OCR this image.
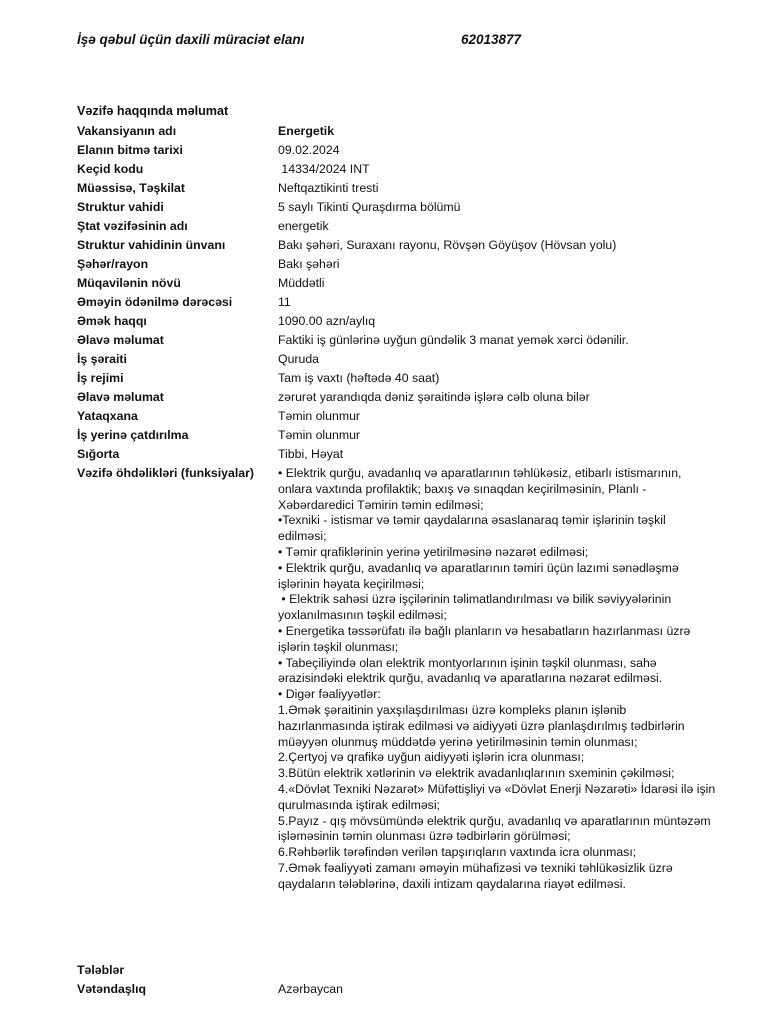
İşə qəbul üçün daxili müraciət elanı	62013877
Vəzifə haqqında məlumat
Vakansiyanın adı	Energetik
Elanın bitmə tarixi	09.02.2024
Keçid kodu	14334/2024 INT
Müəssisə, Təşkilat	Neftqaztikinti tresti
Struktur vahidi	5 saylı Tikinti Quraşdırma bölümü
Ştat vəzifəsinin adı	energetik
Struktur vahidinin ünvanı	Bakı şəhəri, Suraxanı rayonu, Rövşən Göyüşov (Hövsan yolu)
Şəhər/rayon	Bakı şəhəri
Müqavilənin növü	Müddətli
Əməyin ödənilmə dərəcəsi	11
Əmək haqqı	1090.00 azn/aylıq
Əlavə məlumat	Faktiki iş günlərinə uyğun gündəlik 3 manat yemək xərci ödənilir.
İş şəraiti	Quruda
İş rejimi	Tam iş vaxtı (həftədə 40 saat)
Əlavə məlumat	zərurət yarandıqda dəniz şəraitində işlərə cəlb oluna bilər
Yataqxana	Təmin olunmur
İş yerinə çatdırılma	Təmin olunmur
Sığorta	Tibbi, Həyat
Vəzifə öhdəlikləri (funksiyalar)	• Elektrik qurğu, avadanlıq və aparatlarının təhlükəsiz, etibarlı istismarının, onlara vaxtında profilaktik; baxış və sınaqdan keçirilməsinin, Planlı - Xəbərdaredici Təmirin təmin edilməsi;
•Texniki - istismar və təmir qaydalarına əsaslanaraq təmir işlərinin təşkil edilməsi;
• Təmir qrafiklərinin yerinə yetirilməsinə nəzarət edilməsi;
• Elektrik qurğu, avadanlıq və aparatlarının təmiri üçün lazımi sənədləşmə işlərinin həyata keçirilməsi;
• Elektrik sahəsi üzrə işçilərinin təlimatlandırılması və bilik səviyyələrinin yoxlanılmasının təşkil edilməsi;
• Energetika təssərüfatı ilə bağlı planların və hesabatların hazırlanması üzrə işlərin təşkil olunması;
• Tabeçiliyində olan elektrik montyorlarının işinin təşkil olunması, sahə ərazisindəki elektrik qurğu, avadanlıq və aparatlarına nəzarət edilməsi.
• Digər fəaliyyətlər:
1.Əmək şəraitinin yaxşılaşdırılması üzrə kompleks planın işlənib hazırlanmasında iştirak edilməsi və aidiyyəti üzrə planlaşdırılmış tədbirlərin müəyyən olunmuş müddətdə yerinə yetirilməsinin təmin olunması;
2.Çertyoj və qrafikə uyğun aidiyyəti işlərin icra olunması;
3.Bütün elektrik xətlərinin və elektrik avadanlıqlarının sxeminin çəkilməsi;
4.«Dövlət Texniki Nəzarət» Müfəttişliyi və «Dövlət Enerji Nəzarəti» İdarəsi ilə işin qurulmasında iştirak edilməsi;
5.Payız - qış mövsümündə elektrik qurğu, avadanlıq və aparatlarının müntəzəm işləməsinin təmin olunması üzrə tədbirlərin görülməsi;
6.Rəhbərlik tərəfindən verilən tapşırıqların vaxtında icra olunması;
7.Əmək fəaliyyəti zamanı əməyin mühafizəsi və texniki təhlükəsizlik üzrə qaydaların tələblərinə, daxili intizam qaydalarına riayət edilməsi.
Tələblər
Vətəndaşlıq	Azərbaycan
